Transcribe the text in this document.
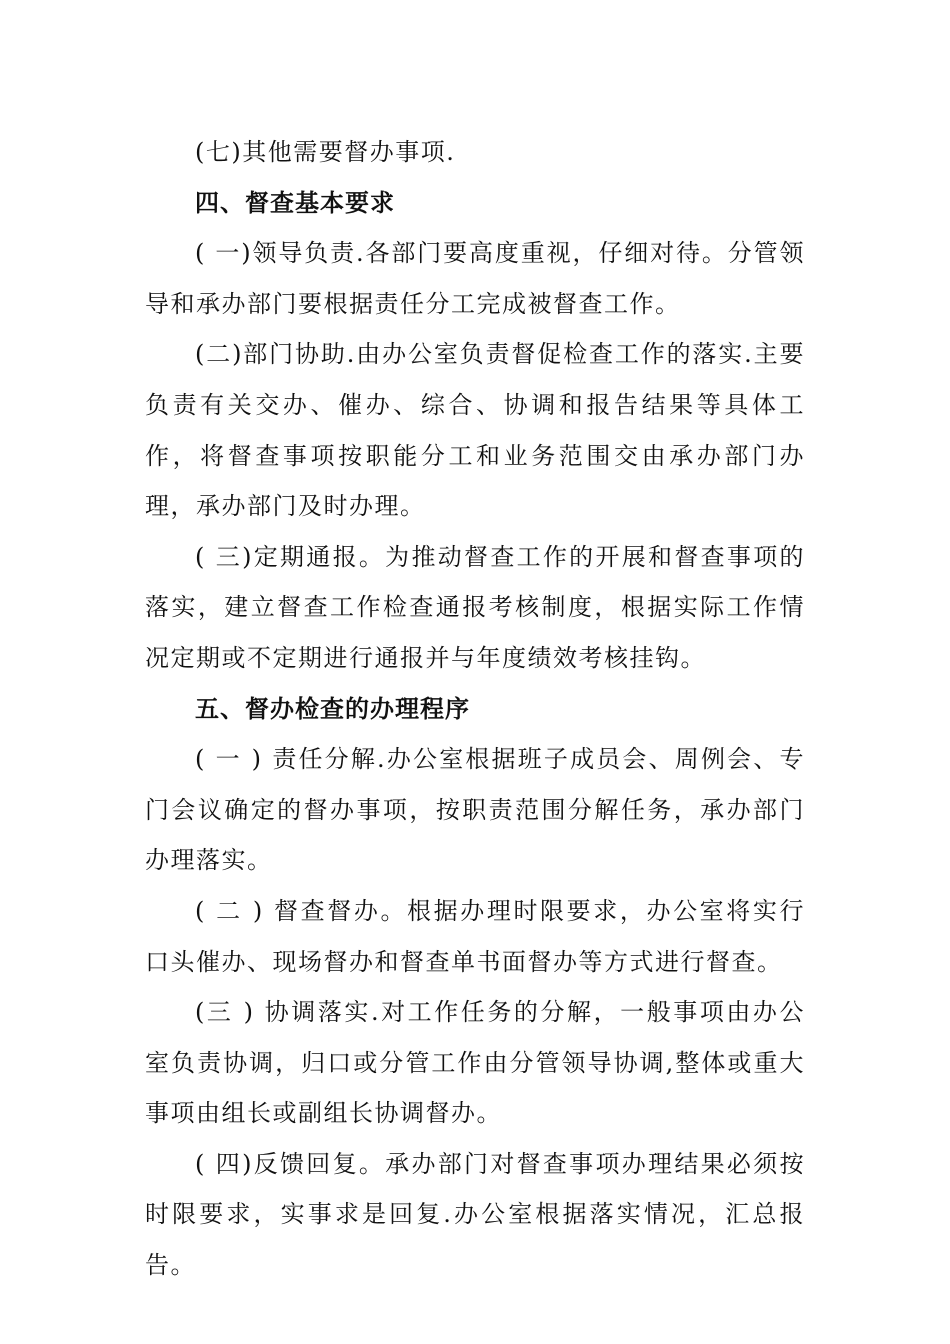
(七)其他需要督办事项.

四、督查基本要求

( 一)领导负责.各部门要高度重视，仔细对待。分管领导和承办部门要根据责任分工完成被督查工作。

(二)部门协助.由办公室负责督促检查工作的落实.主要负责有关交办、催办、综合、协调和报告结果等具体工作，将督查事项按职能分工和业务范围交由承办部门办理，承办部门及时办理。

( 三)定期通报。为推动督查工作的开展和督查事项的落实，建立督查工作检查通报考核制度，根据实际工作情况定期或不定期进行通报并与年度绩效考核挂钩。

五、督办检查的办理程序

( 一 ) 责任分解.办公室根据班子成员会、周例会、专门会议确定的督办事项，按职责范围分解任务，承办部门办理落实。

( 二 ) 督查督办。根据办理时限要求，办公室将实行口头催办、现场督办和督查单书面督办等方式进行督查。

(三 ) 协调落实.对工作任务的分解，一般事项由办公室负责协调，归口或分管工作由分管领导协调,整体或重大事项由组长或副组长协调督办。

( 四)反馈回复。承办部门对督查事项办理结果必须按时限要求，实事求是回复.办公室根据落实情况，汇总报告。
